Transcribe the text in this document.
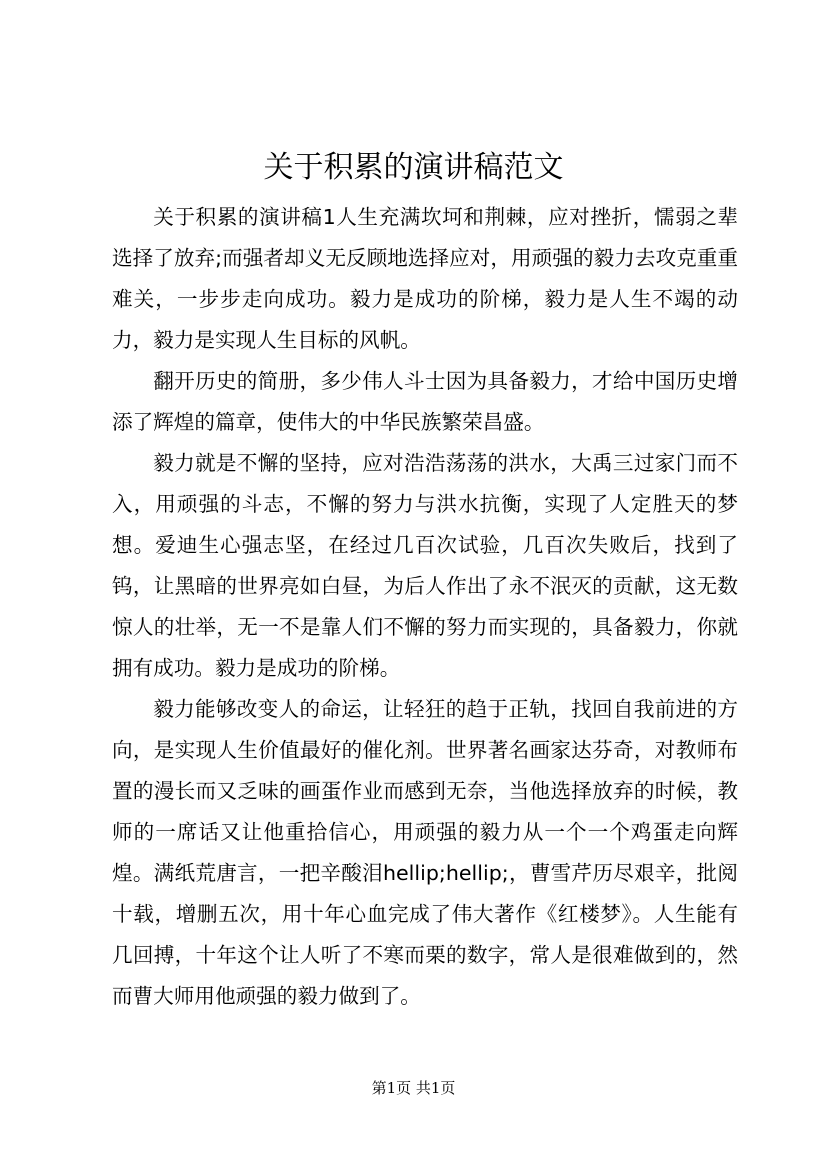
关于积累的演讲稿范文

关于积累的演讲稿1人生充满坎坷和荆棘，应对挫折，懦弱之辈选择了放弃;而强者却义无反顾地选择应对，用顽强的毅力去攻克重重难关，一步步走向成功。毅力是成功的阶梯，毅力是人生不竭的动力，毅力是实现人生目标的风帆。

翻开历史的简册，多少伟人斗士因为具备毅力，才给中国历史增添了辉煌的篇章，使伟大的中华民族繁荣昌盛。

毅力就是不懈的坚持，应对浩浩荡荡的洪水，大禹三过家门而不入，用顽强的斗志，不懈的努力与洪水抗衡，实现了人定胜天的梦想。爱迪生心强志坚，在经过几百次试验，几百次失败后，找到了钨，让黑暗的世界亮如白昼，为后人作出了永不泯灭的贡献，这无数惊人的壮举，无一不是靠人们不懈的努力而实现的，具备毅力，你就拥有成功。毅力是成功的阶梯。

毅力能够改变人的命运，让轻狂的趋于正轨，找回自我前进的方向，是实现人生价值最好的催化剂。世界著名画家达芬奇，对教师布置的漫长而又乏味的画蛋作业而感到无奈，当他选择放弃的时候，教师的一席话又让他重拾信心，用顽强的毅力从一个一个鸡蛋走向辉煌。满纸荒唐言，一把辛酸泪hellip;hellip;，曹雪芹历尽艰辛，批阅十载，增删五次，用十年心血完成了伟大著作《红楼梦》。人生能有几回搏，十年这个让人听了不寒而栗的数字，常人是很难做到的，然而曹大师用他顽强的毅力做到了。

第1页 共1页
